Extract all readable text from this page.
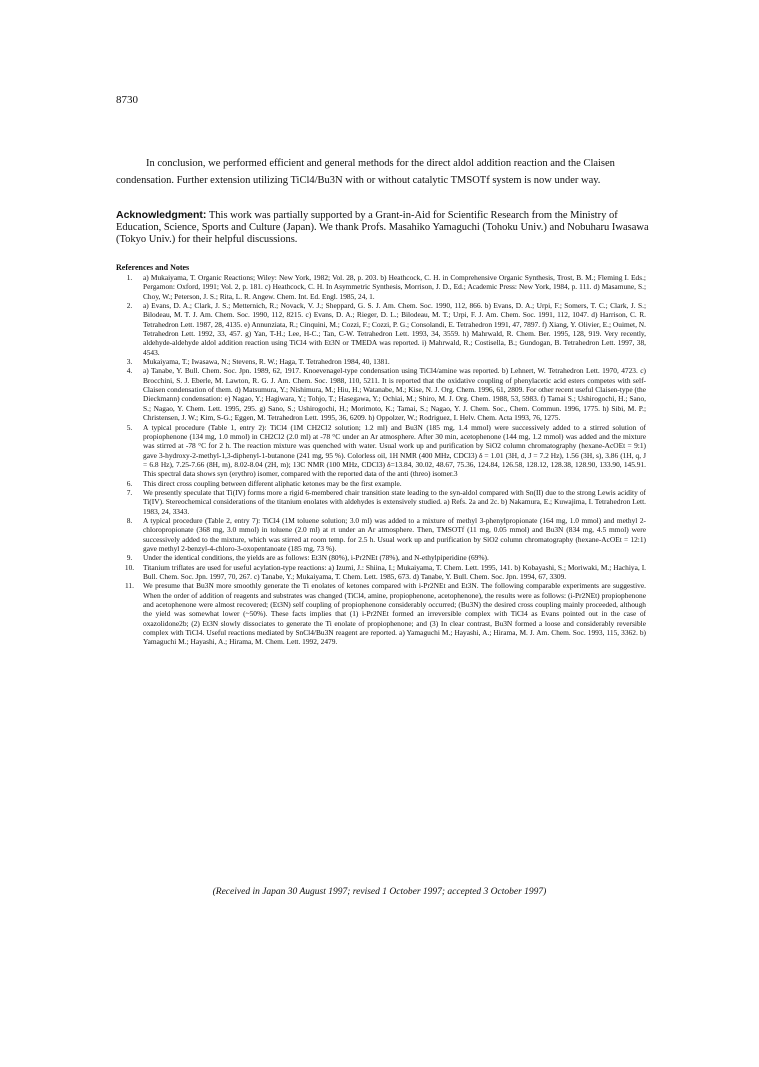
8730

In conclusion, we performed efficient and general methods for the direct aldol addition reaction and the Claisen condensation. Further extension utilizing TiCl4/Bu3N with or without catalytic TMSOTf system is now under way.

Acknowledgment: This work was partially supported by a Grant-in-Aid for Scientific Research from the Ministry of Education, Science, Sports and Culture (Japan). We thank Profs. Masahiko Yamaguchi (Tohoku Univ.) and Nobuharu Iwasawa (Tokyo Univ.) for their helpful discussions.

References and Notes
1.	a) Mukaiyama, T. Organic Reactions; Wiley: New York, 1982; Vol. 28, p. 203. b) Heathcock, C. H. in Comprehensive Organic Synthesis, Trost, B. M.; Fleming I. Eds.; Pergamon: Oxford, 1991; Vol. 2, p. 181. c) Heathcock, C. H. In Asymmetric Synthesis, Morrison, J. D., Ed.; Academic Press: New York, 1984, p. 111. d) Masamune, S.; Choy, W.; Peterson, J. S.; Rita, L. R. Angew. Chem. Int. Ed. Engl. 1985, 24, 1.
2.	a) Evans, D. A.; Clark, J. S.; Metternich, R.; Novack, V. J.; Sheppard, G. S. J. Am. Chem. Soc. 1990, 112, 866. b) Evans, D. A.; Urpi, F.; Somers, T. C.; Clark, J. S.; Bilodeau, M. T. J. Am. Chem. Soc. 1990, 112, 8215. c) Evans, D. A.; Rieger, D. L.; Bilodeau, M. T.; Urpi, F. J. Am. Chem. Soc. 1991, 112, 1047. d) Harrison, C. R. Tetrahedron Lett. 1987, 28, 4135. e) Annunziata, R.; Cinquini, M.; Cozzi, F.; Cozzi, P. G.; Consolandi, E. Tetrahedron 1991, 47, 7897. f) Xiang, Y. Olivier, E.; Ouimet, N. Tetrahedron Lett. 1992, 33, 457. g) Yan, T-H.; Lee, H-C.; Tan, C-W. Tetrahedron Lett. 1993, 34, 3559. h) Mahrwald, R. Chem. Ber. 1995, 128, 919. Very recently, aldehyde-aldehyde aldol addition reaction using TiCl4 with Et3N or TMEDA was reported. i) Mahrwald, R.; Costisella, B.; Gundogan, B. Tetrahedron Lett. 1997, 38, 4543.
3.	Mukaiyama, T.; Iwasawa, N.; Stevens, R. W.; Haga, T. Tetrahedron 1984, 40, 1381.
4.	a) Tanabe, Y. Bull. Chem. Soc. Jpn. 1989, 62, 1917. Knoevenagel-type condensation using TiCl4/amine was reported. b) Lehnert, W. Tetrahedron Lett. 1970, 4723. c) Brocchini, S. J. Eberle, M. Lawton, R. G. J. Am. Chem. Soc. 1988, 110, 5211. It is reported that the oxidative coupling of phenylacetic acid esters competes with self-Claisen condensation of them. d) Matsumura, Y.; Nishimura, M.; Hiu, H.; Watanabe, M.; Kise, N. J. Org. Chem. 1996, 61, 2809. For other recent useful Claisen-type (the Dieckmann) condensation: e) Nagao, Y.; Hagiwara, Y.; Tohjo, T.; Hasegawa, Y.; Ochiai, M.; Shiro, M. J. Org. Chem. 1988, 53, 5983. f) Tamai S.; Ushirogochi, H.; Sano, S.; Nagao, Y. Chem. Lett. 1995, 295. g) Sano, S.; Ushirogochi, H.; Morimoto, K.; Tamai, S.; Nagao, Y. J. Chem. Soc., Chem. Commun. 1996, 1775. h) Sibi, M. P.; Christensen, J. W.; Kim, S-G.; Eggen, M. Tetrahedron Lett. 1995, 36, 6209. h) Oppolzer, W.; Rodriguez, I. Helv. Chem. Acta 1993, 76, 1275.
5.	A typical procedure (Table 1, entry 2): TiCl4 (1M CH2Cl2 solution; 1.2 ml) and Bu3N (185 mg, 1.4 mmol) were successively added to a stirred solution of propiophenone (134 mg, 1.0 mmol) in CH2Cl2 (2.0 ml) at -78 °C under an Ar atmosphere. After 30 min, acetophenone (144 mg, 1.2 mmol) was added and the mixture was stirred at -78 °C for 2 h. The reaction mixture was quenched with water. Usual work up and purification by SiO2 column chromatography (hexane-AcOEt = 9:1) gave 3-hydroxy-2-methyl-1,3-diphenyl-1-butanone (241 mg, 95 %). Colorless oil, 1H NMR (400 MHz, CDCl3) δ = 1.01 (3H, d, J = 7.2 Hz), 1.56 (3H, s), 3.86 (1H, q, J = 6.8 Hz), 7.25-7.66 (8H, m), 8.02-8.04 (2H, m); 13C NMR (100 MHz, CDCl3) δ=13.84, 30.02, 48.67, 75.36, 124.84, 126.58, 128.12, 128.38, 128.90, 133.90, 145.91. This spectral data shows syn (erythro) isomer, compared with the reported data of the anti (threo) isomer.3
6.	This direct cross coupling between different aliphatic ketones may be the first example.
7.	We presently speculate that Ti(IV) forms more a rigid 6-membered chair transition state leading to the syn-aldol compared with Sn(II) due to the strong Lewis acidity of Ti(IV). Stereochemical considerations of the titanium enolates with aldehydes is extensively studied. a) Refs. 2a and 2c. b) Nakamura, E.; Kuwajima, I. Tetrahedron Lett. 1983, 24, 3343.
8.	A typical procedure (Table 2, entry 7): TiCl4 (1M toluene solution; 3.0 ml) was added to a mixture of methyl 3-phenylpropionate (164 mg, 1.0 mmol) and methyl 2-chloropropionate (368 mg, 3.0 mmol) in toluene (2.0 ml) at rt under an Ar atmosphere. Then, TMSOTf (11 mg, 0.05 mmol) and Bu3N (834 mg, 4.5 mmol) were successively added to the mixture, which was stirred at room temp. for 2.5 h. Usual work up and purification by SiO2 column chromatography (hexane-AcOEt = 12:1) gave methyl 2-benzyl-4-chloro-3-oxopentanoate (185 mg, 73 %).
9.	Under the identical conditions, the yields are as follows: Et3N (80%), i-Pr2NEt (78%), and N-ethylpiperidine (69%).
10.	Titanium triflates are used for useful acylation-type reactions: a) Izumi, J.: Shiina, I.; Mukaiyama, T. Chem. Lett. 1995, 141. b) Kobayashi, S.; Moriwaki, M.; Hachiya, I. Bull. Chem. Soc. Jpn. 1997, 70, 267. c) Tanabe, Y.; Mukaiyama, T. Chem. Lett. 1985, 673. d) Tanabe, Y. Bull. Chem. Soc. Jpn. 1994, 67, 3309.
11.	We presume that Bu3N more smoothly generate the Ti enolates of ketones compared with i-Pr2NEt and Et3N. The following comparable experiments are suggestive. When the order of addition of reagents and substrates was changed (TiCl4, amine, propiophenone, acetophenone), the results were as follows: (i-Pr2NEt) propiophenone and acetophenone were almost recovered; (Et3N) self coupling of propiophenone considerably occurred; (Bu3N) the desired cross coupling mainly proceeded, although the yield was somewhat lower (~50%). These facts implies that (1) i-Pr2NEt formed an irreversible complex with TiCl4 as Evans pointed out in the case of oxazolidone2b; (2) Et3N slowly dissociates to generate the Ti enolate of propiophenone; and (3) In clear contrast, Bu3N formed a loose and considerably reversible complex with TiCl4. Useful reactions mediated by SnCl4/Bu3N reagent are reported. a) Yamaguchi M.; Hayashi, A.; Hirama, M. J. Am. Chem. Soc. 1993, 115, 3362. b) Yamaguchi M.; Hayashi, A.; Hirama, M. Chem. Lett. 1992, 2479.
(Received in Japan 30 August 1997; revised 1 October 1997; accepted 3 October 1997)
